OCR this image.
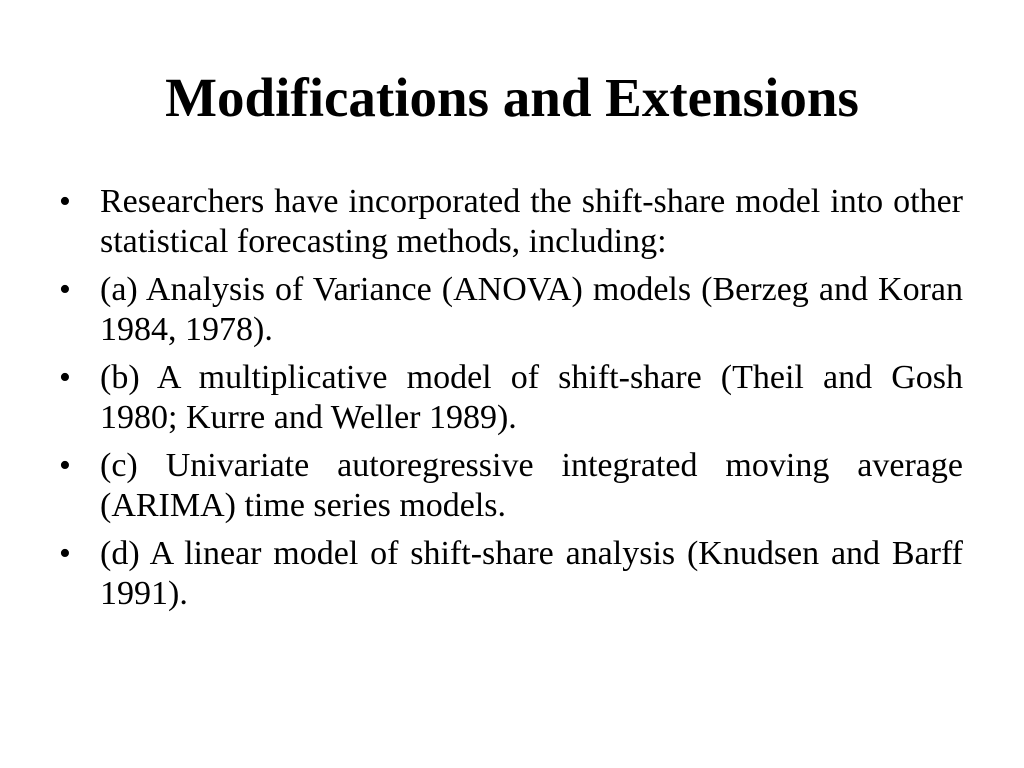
Modifications and Extensions
• Researchers have incorporated the shift-share model into other statistical forecasting methods, including:
• (a) Analysis of Variance (ANOVA) models (Berzeg and Koran 1984, 1978).
• (b) A multiplicative model of shift-share (Theil and Gosh 1980; Kurre and Weller 1989).
• (c) Univariate autoregressive integrated moving average (ARIMA) time series models.
• (d) A linear model of shift-share analysis (Knudsen and Barff 1991).
